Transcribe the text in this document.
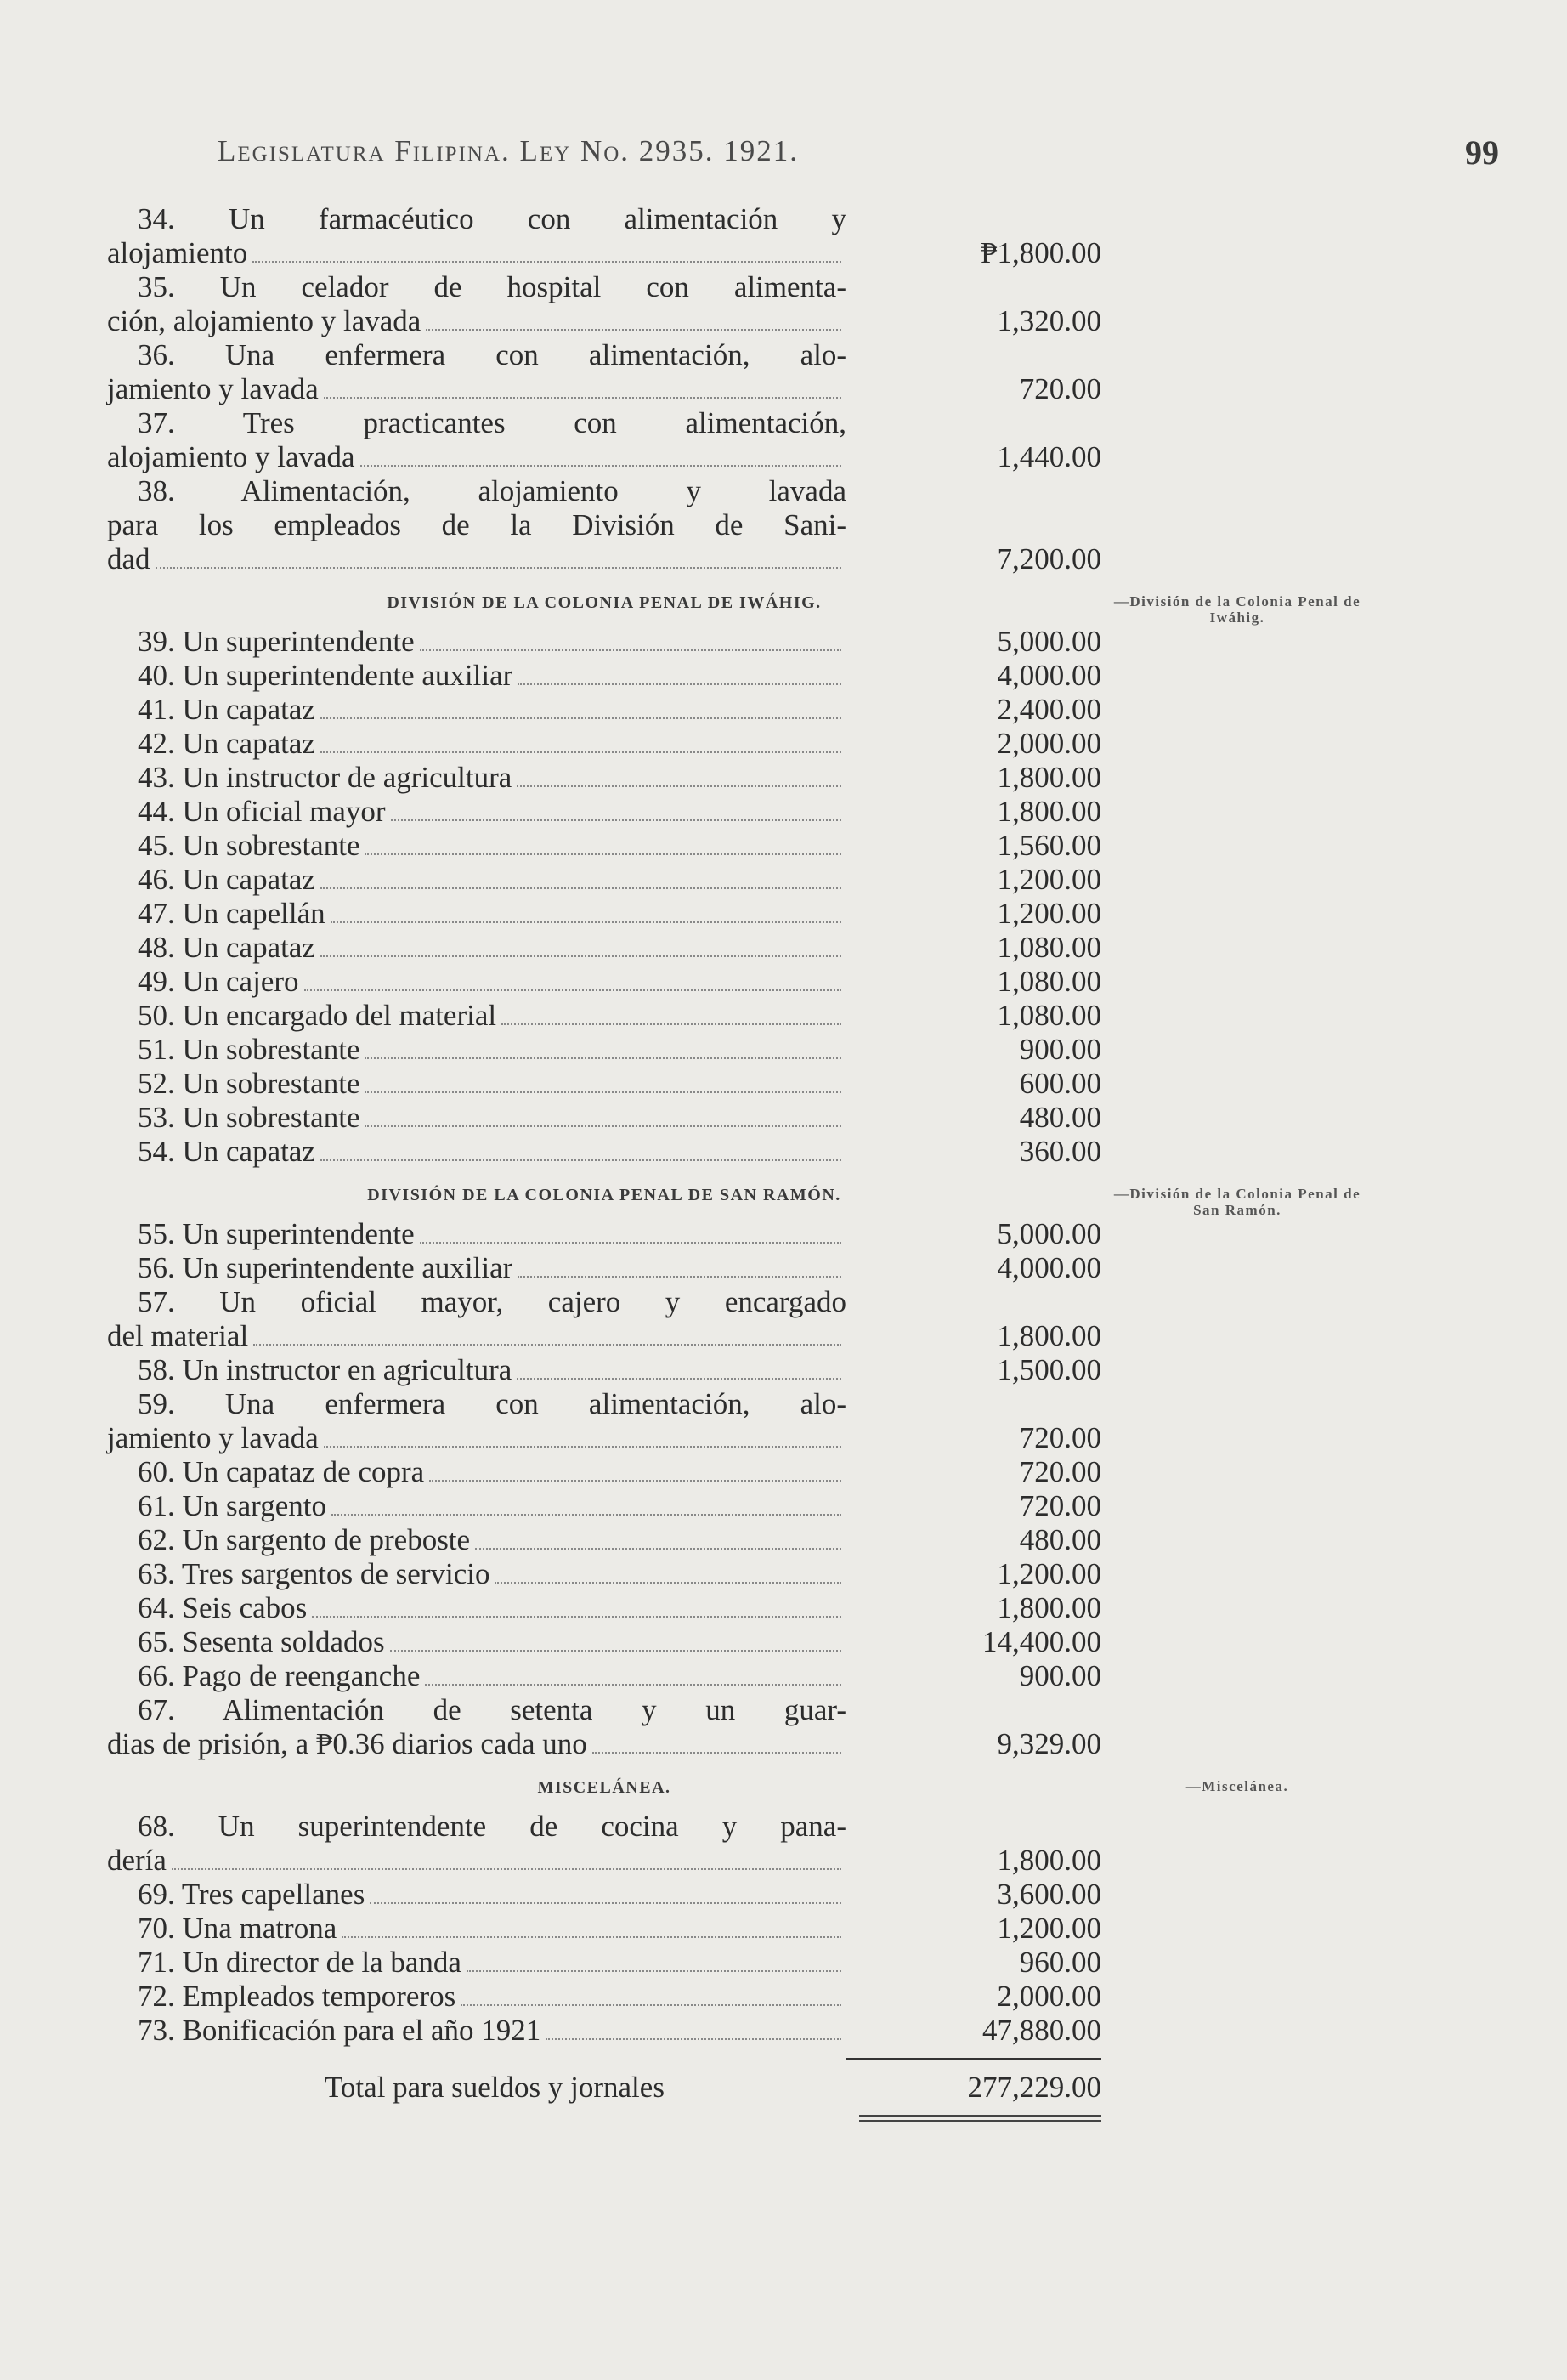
Legislatura Filipina. Ley No. 2935. 1921.	99
34. Un farmacéutico con alimentación y
alojamiento	₱1,800.00
35. Un celador de hospital con alimenta-
ción, alojamiento y lavada	1,320.00
36. Una enfermera con alimentación, alo-
jamiento y lavada	720.00
37. Tres practicantes con alimentación,
alojamiento y lavada	1,440.00
38. Alimentación, alojamiento y lavada
para los empleados de la División de Sani-
dad	7,200.00
DIVISIÓN DE LA COLONIA PENAL DE IWÁHIG.	—División de la Colonia Penal de Iwáhig.
39. Un superintendente	5,000.00
40. Un superintendente auxiliar	4,000.00
41. Un capataz	2,400.00
42. Un capataz	2,000.00
43. Un instructor de agricultura	1,800.00
44. Un oficial mayor	1,800.00
45. Un sobrestante	1,560.00
46. Un capataz	1,200.00
47. Un capellán	1,200.00
48. Un capataz	1,080.00
49. Un cajero	1,080.00
50. Un encargado del material	1,080.00
51. Un sobrestante	900.00
52. Un sobrestante	600.00
53. Un sobrestante	480.00
54. Un capataz	360.00
DIVISIÓN DE LA COLONIA PENAL DE SAN RAMÓN.	—División de la Colonia Penal de San Ramón.
55. Un superintendente	5,000.00
56. Un superintendente auxiliar	4,000.00
57. Un oficial mayor, cajero y encargado
del material	1,800.00
58. Un instructor en agricultura	1,500.00
59. Una enfermera con alimentación, alo-
jamiento y lavada	720.00
60. Un capataz de copra	720.00
61. Un sargento	720.00
62. Un sargento de preboste	480.00
63. Tres sargentos de servicio	1,200.00
64. Seis cabos	1,800.00
65. Sesenta soldados	14,400.00
66. Pago de reenganche	900.00
67. Alimentación de setenta y un guar-
dias de prisión, a ₱0.36 diarios cada uno	9,329.00
MISCELÁNEA.	—Miscelánea.
68. Un superintendente de cocina y pana-
dería	1,800.00
69. Tres capellanes	3,600.00
70. Una matrona	1,200.00
71. Un director de la banda	960.00
72. Empleados temporeros	2,000.00
73. Bonificación para el año 1921	47,880.00
Total para sueldos y jornales	277,229.00
